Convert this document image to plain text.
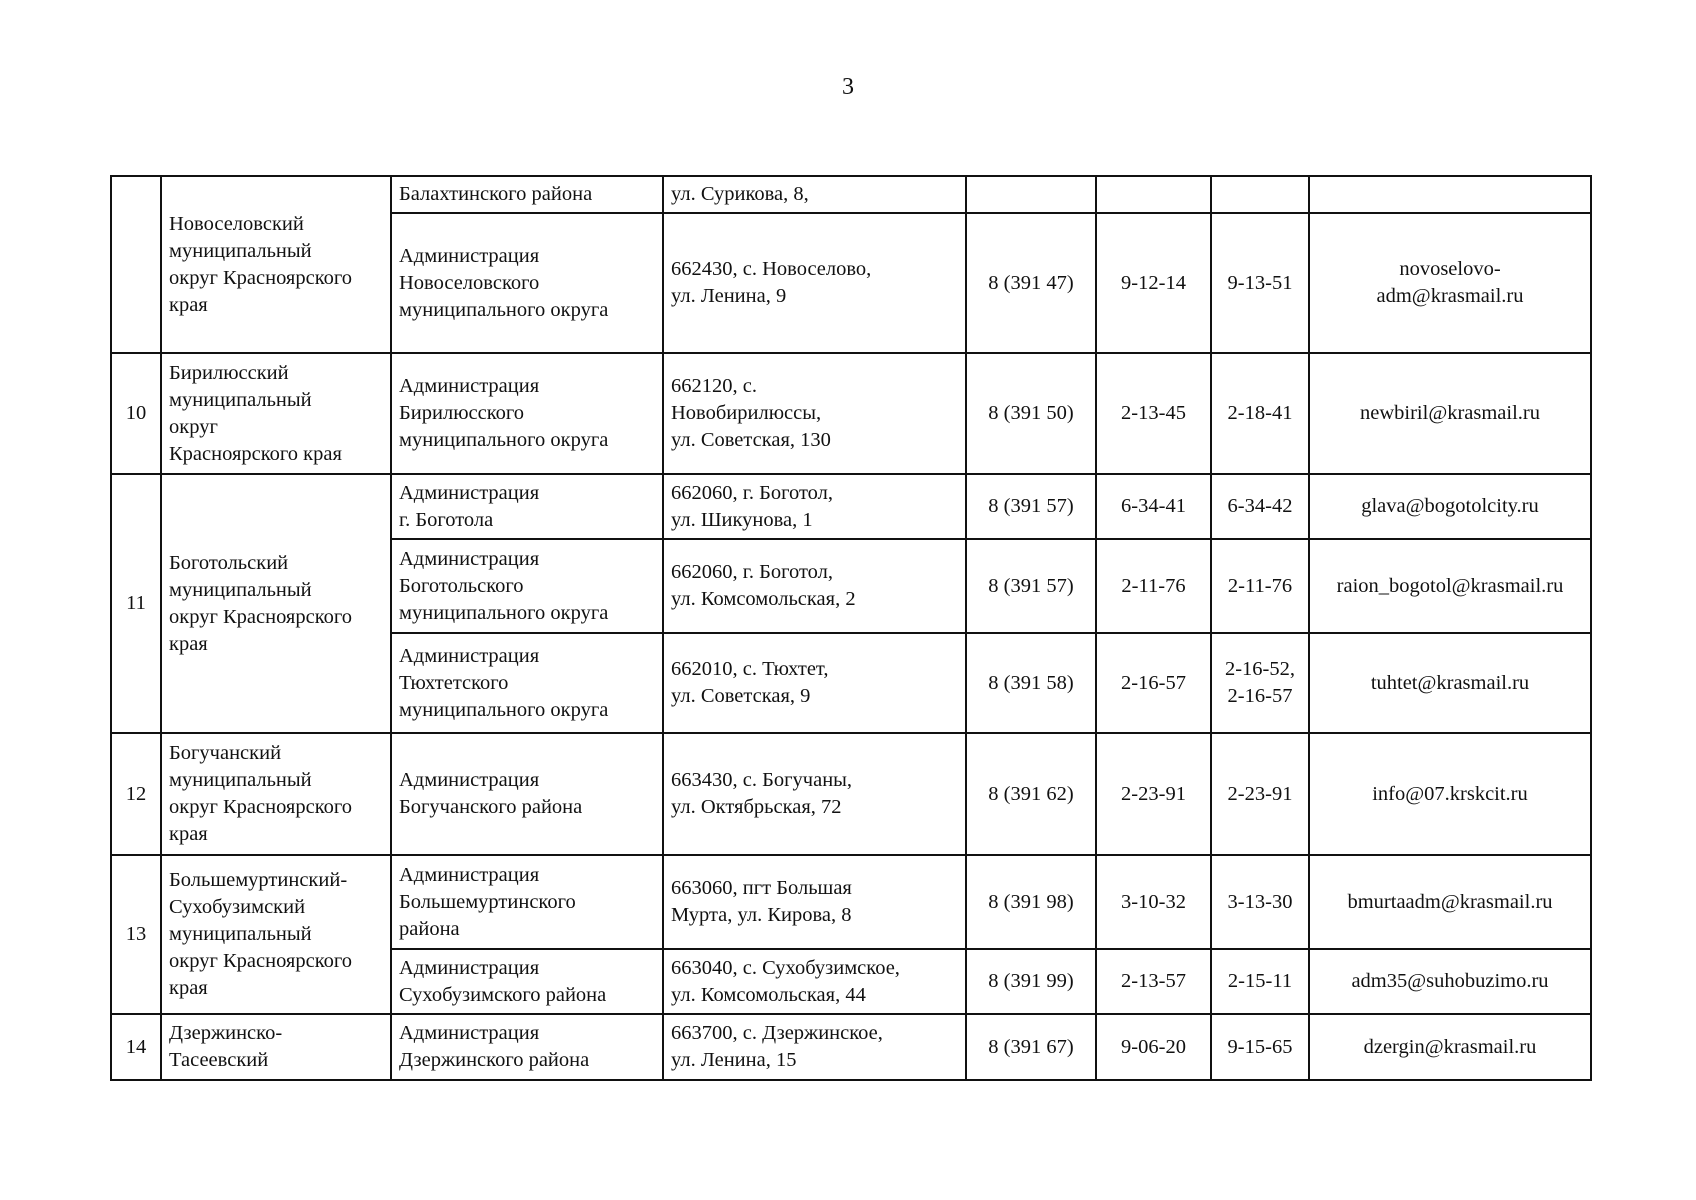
3
	Новоселовский
муниципальный
округ Красноярского
края	Балахтинского района	ул. Сурикова, 8,				
		Администрация
Новоселовского
муниципального округа	662430, с. Новоселово,
ул. Ленина, 9	8 (391 47)	9-12-14	9-13-51	novoselovo-
adm@krasmail.ru
10	Бирилюсский
муниципальный
округ
Красноярского края	Администрация
Бирилюсского
муниципального округа	662120, с.
Новобирилюссы,
ул. Советская, 130	8 (391 50)	2-13-45	2-18-41	newbiril@krasmail.ru
11	Боготольский
муниципальный
округ Красноярского
края	Администрация
г. Боготола	662060, г. Боготол,
ул. Шикунова, 1	8 (391 57)	6-34-41	6-34-42	glava@bogotolcity.ru
		Администрация
Боготольского
муниципального округа	662060, г. Боготол,
ул. Комсомольская, 2	8 (391 57)	2-11-76	2-11-76	raion_bogotol@krasmail.ru
		Администрация
Тюхтетского
муниципального округа	662010, с. Тюхтет,
ул. Советская, 9	8 (391 58)	2-16-57	2-16-52,
2-16-57	tuhtet@krasmail.ru
12	Богучанский
муниципальный
округ Красноярского
края	Администрация
Богучанского района	663430, с. Богучаны,
ул. Октябрьская, 72	8 (391 62)	2-23-91	2-23-91	info@07.krskcit.ru
13	Большемуртинский-
Сухобузимский
муниципальный
округ Красноярского
края	Администрация
Большемуртинского
района	663060, пгт Большая
Мурта, ул. Кирова, 8	8 (391 98)	3-10-32	3-13-30	bmurtaadm@krasmail.ru
		Администрация
Сухобузимского района	663040, с. Сухобузимское,
ул. Комсомольская, 44	8 (391 99)	2-13-57	2-15-11	adm35@suhobuzimo.ru
14	Дзержинско-
Тасеевский	Администрация
Дзержинского района	663700, с. Дзержинское,
ул. Ленина, 15	8 (391 67)	9-06-20	9-15-65	dzergin@krasmail.ru
